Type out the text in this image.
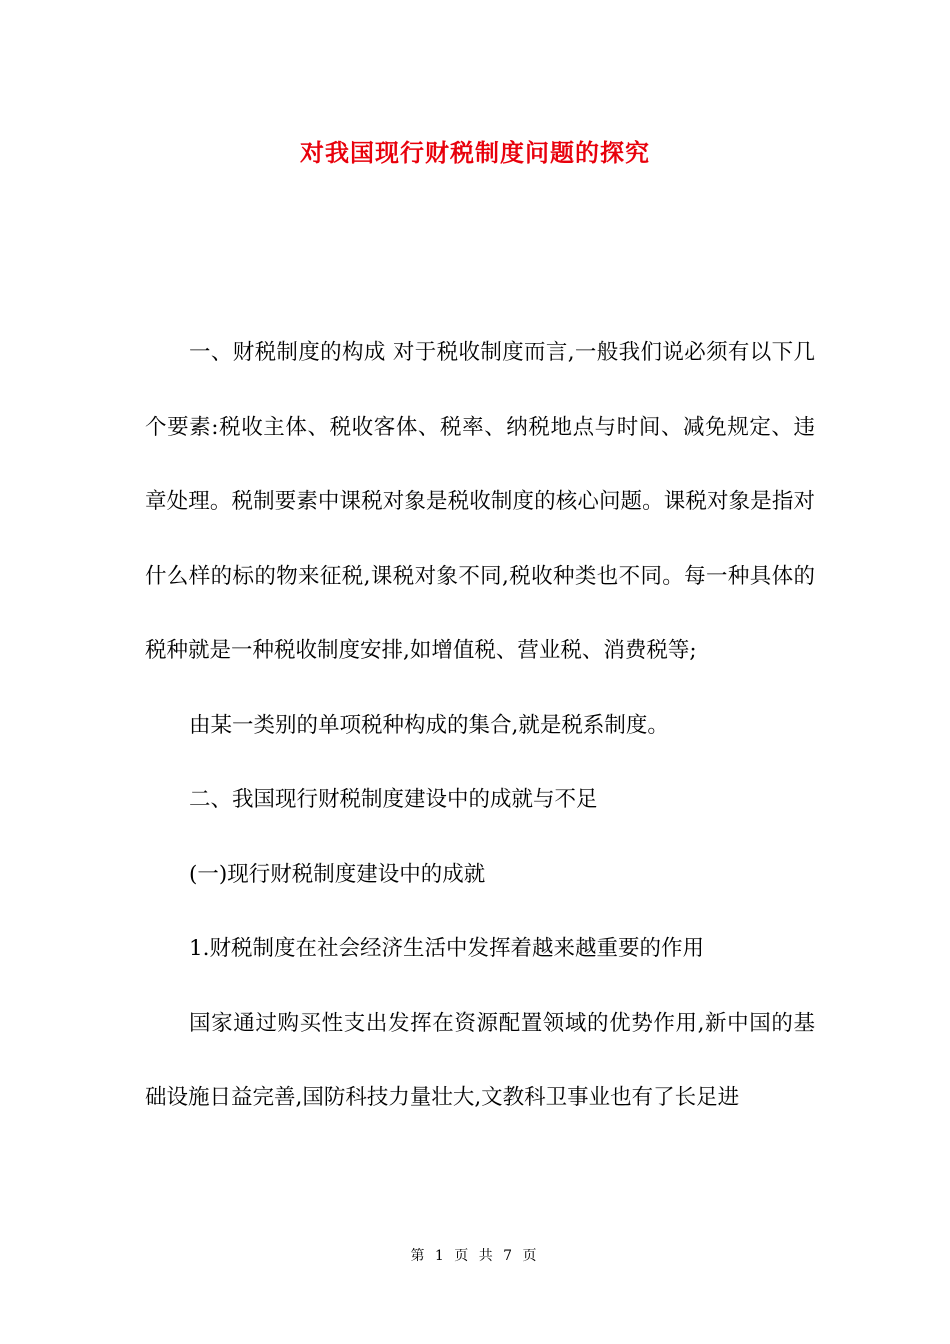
对我国现行财税制度问题的探究

一、财税制度的构成 对于税收制度而言,一般我们说必须有以下几个要素:税收主体、税收客体、税率、纳税地点与时间、减免规定、违章处理。税制要素中课税对象是税收制度的核心问题。课税对象是指对什么样的标的物来征税,课税对象不同,税收种类也不同。每一种具体的税种就是一种税收制度安排,如增值税、营业税、消费税等;

由某一类别的单项税种构成的集合,就是税系制度。

二、我国现行财税制度建设中的成就与不足

(一)现行财税制度建设中的成就

1.财税制度在社会经济生活中发挥着越来越重要的作用

国家通过购买性支出发挥在资源配置领域的优势作用,新中国的基础设施日益完善,国防科技力量壮大,文教科卫事业也有了长足进

第 1 页 共 7 页
